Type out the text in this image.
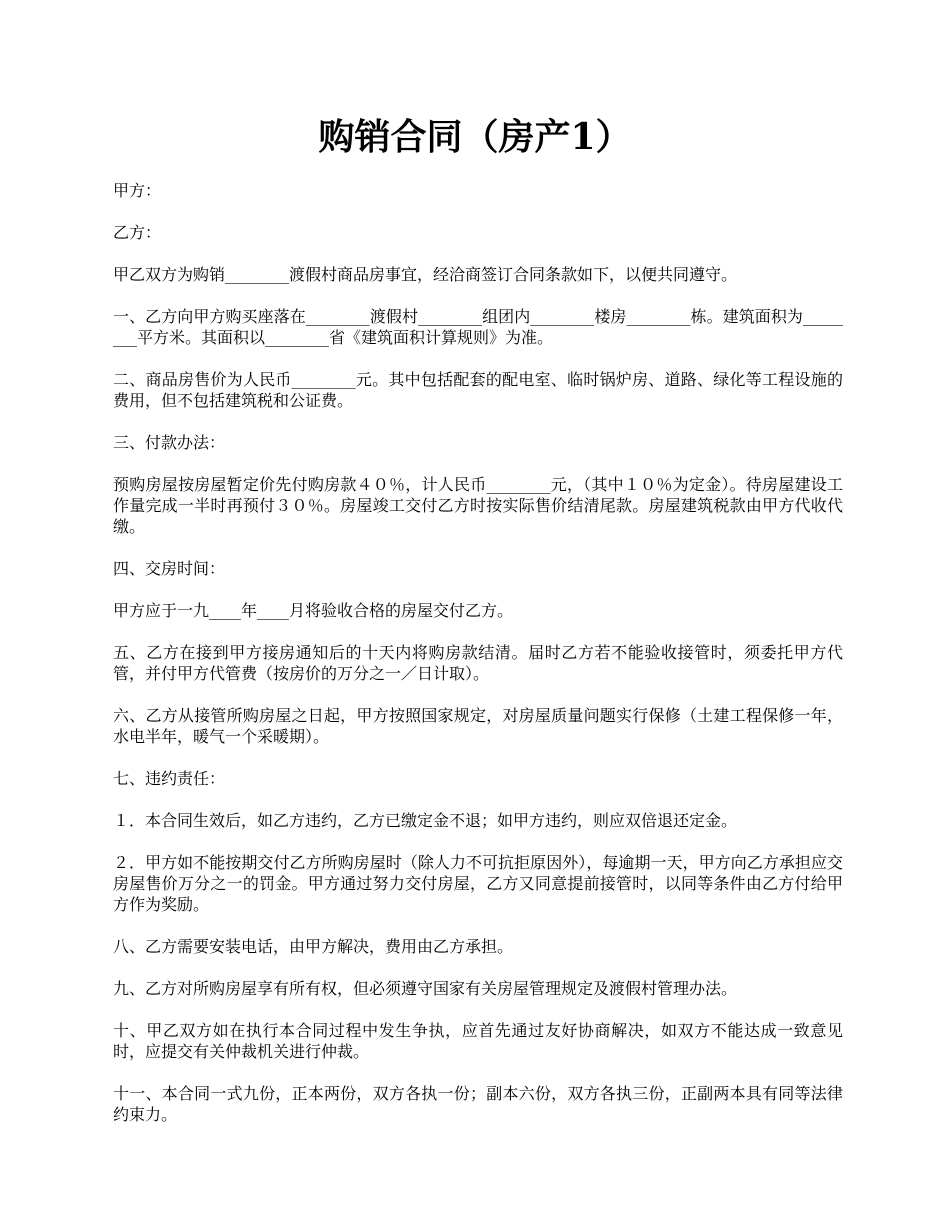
购销合同（房产1）

甲方：

乙方：

甲乙双方为购销________渡假村商品房事宜，经洽商签订合同条款如下，以便共同遵守。

一、乙方向甲方购买座落在________渡假村________组团内________楼房________栋。建筑面积为________平方米。其面积以________省《建筑面积计算规则》为准。

二、商品房售价为人民币________元。其中包括配套的配电室、临时锅炉房、道路、绿化等工程设施的费用，但不包括建筑税和公证费。

三、付款办法：

预购房屋按房屋暂定价先付购房款４０％，计人民币________元，（其中１０％为定金）。待房屋建设工作量完成一半时再预付３０％。房屋竣工交付乙方时按实际售价结清尾款。房屋建筑税款由甲方代收代缴。

四、交房时间：

甲方应于一九____年____月将验收合格的房屋交付乙方。

五、乙方在接到甲方接房通知后的十天内将购房款结清。届时乙方若不能验收接管时，须委托甲方代管，并付甲方代管费（按房价的万分之一／日计取）。

六、乙方从接管所购房屋之日起，甲方按照国家规定，对房屋质量问题实行保修（土建工程保修一年，水电半年，暖气一个采暖期）。

七、违约责任：

１．本合同生效后，如乙方违约，乙方已缴定金不退；如甲方违约，则应双倍退还定金。

２．甲方如不能按期交付乙方所购房屋时（除人力不可抗拒原因外），每逾期一天，甲方向乙方承担应交房屋售价万分之一的罚金。甲方通过努力交付房屋，乙方又同意提前接管时，以同等条件由乙方付给甲方作为奖励。

八、乙方需要安装电话，由甲方解决，费用由乙方承担。

九、乙方对所购房屋享有所有权，但必须遵守国家有关房屋管理规定及渡假村管理办法。

十、甲乙双方如在执行本合同过程中发生争执，应首先通过友好协商解决，如双方不能达成一致意见时，应提交有关仲裁机关进行仲裁。

十一、本合同一式九份，正本两份，双方各执一份；副本六份，双方各执三份，正副两本具有同等法律约束力。
